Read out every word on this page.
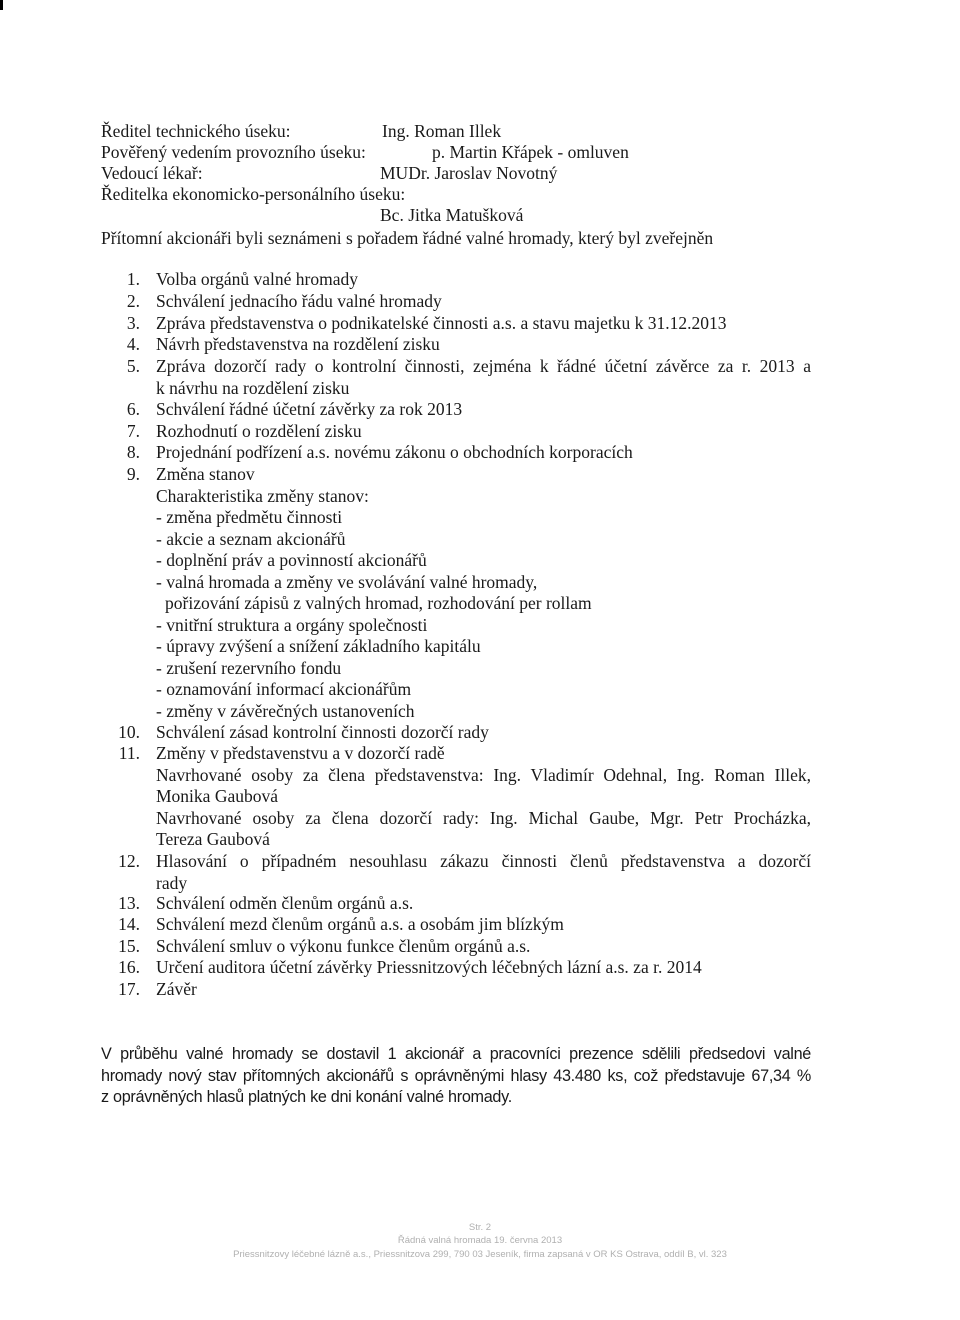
Ředitel technického úseku:	Ing. Roman Illek
Pověřený vedením provozního úseku:	p. Martin Křápek - omluven
Vedoucí lékař:	MUDr. Jaroslav Novotný
Ředitelka ekonomicko-personálního úseku:
Bc. Jitka Matušková
Přítomní akcionáři byli seznámeni s pořadem řádné valné hromady, který byl zveřejněn
1. Volba orgánů valné hromady
2. Schválení jednacího řádu valné hromady
3. Zpráva představenstva o podnikatelské činnosti a.s. a stavu majetku k 31.12.2013
4. Návrh představenstva na rozdělení zisku
5. Zpráva dozorčí rady o kontrolní činnosti, zejména k řádné účetní závěrce za r. 2013 a
k návrhu na rozdělení zisku
6. Schválení řádné účetní závěrky za rok 2013
7. Rozhodnutí o rozdělení zisku
8. Projednání podřízení a.s. novému zákonu o obchodních korporacích
9. Změna stanov
Charakteristika změny stanov:
- změna předmětu činnosti
- akcie a seznam akcionářů
- doplnění práv a povinností akcionářů
- valná hromada a změny ve svolávání valné hromady,
pořizování zápisů z valných hromad, rozhodování per rollam
- vnitřní struktura a orgány společnosti
- úpravy zvýšení a snížení základního kapitálu
- zrušení rezervního fondu
- oznamování informací akcionářům
- změny v závěrečných ustanoveních
10. Schválení zásad kontrolní činnosti dozorčí rady
11. Změny v představenstvu a v dozorčí radě
Navrhované osoby za člena představenstva: Ing. Vladimír Odehnal, Ing. Roman Illek,
Monika Gaubová
Navrhované osoby za člena dozorčí rady: Ing. Michal Gaube, Mgr. Petr Procházka,
Tereza Gaubová
12. Hlasování o případném nesouhlasu zákazu činnosti členů představenstva a dozorčí
rady
13. Schválení odměn členům orgánů a.s.
14. Schválení mezd členům orgánů a.s. a osobám jim blízkým
15. Schválení smluv o výkonu funkce členům orgánů a.s.
16. Určení auditora účetní závěrky Priessnitzových léčebných lázní a.s. za r. 2014
17. Závěr
V průběhu valné hromady se dostavil 1 akcionář a pracovníci prezence sdělili předsedovi valné
hromady nový stav přítomných akcionářů s oprávněnými hlasy 43.480 ks, což představuje 67,34 %
z oprávněných hlasů platných ke dni konání valné hromady.
Str. 2
Řádná valná hromada 19. června 2013
Priessnitzovy léčebné lázně a.s., Priessnitzova 299, 790 03 Jeseník, firma zapsaná v OR KS Ostrava, oddíl B, vl. 323
